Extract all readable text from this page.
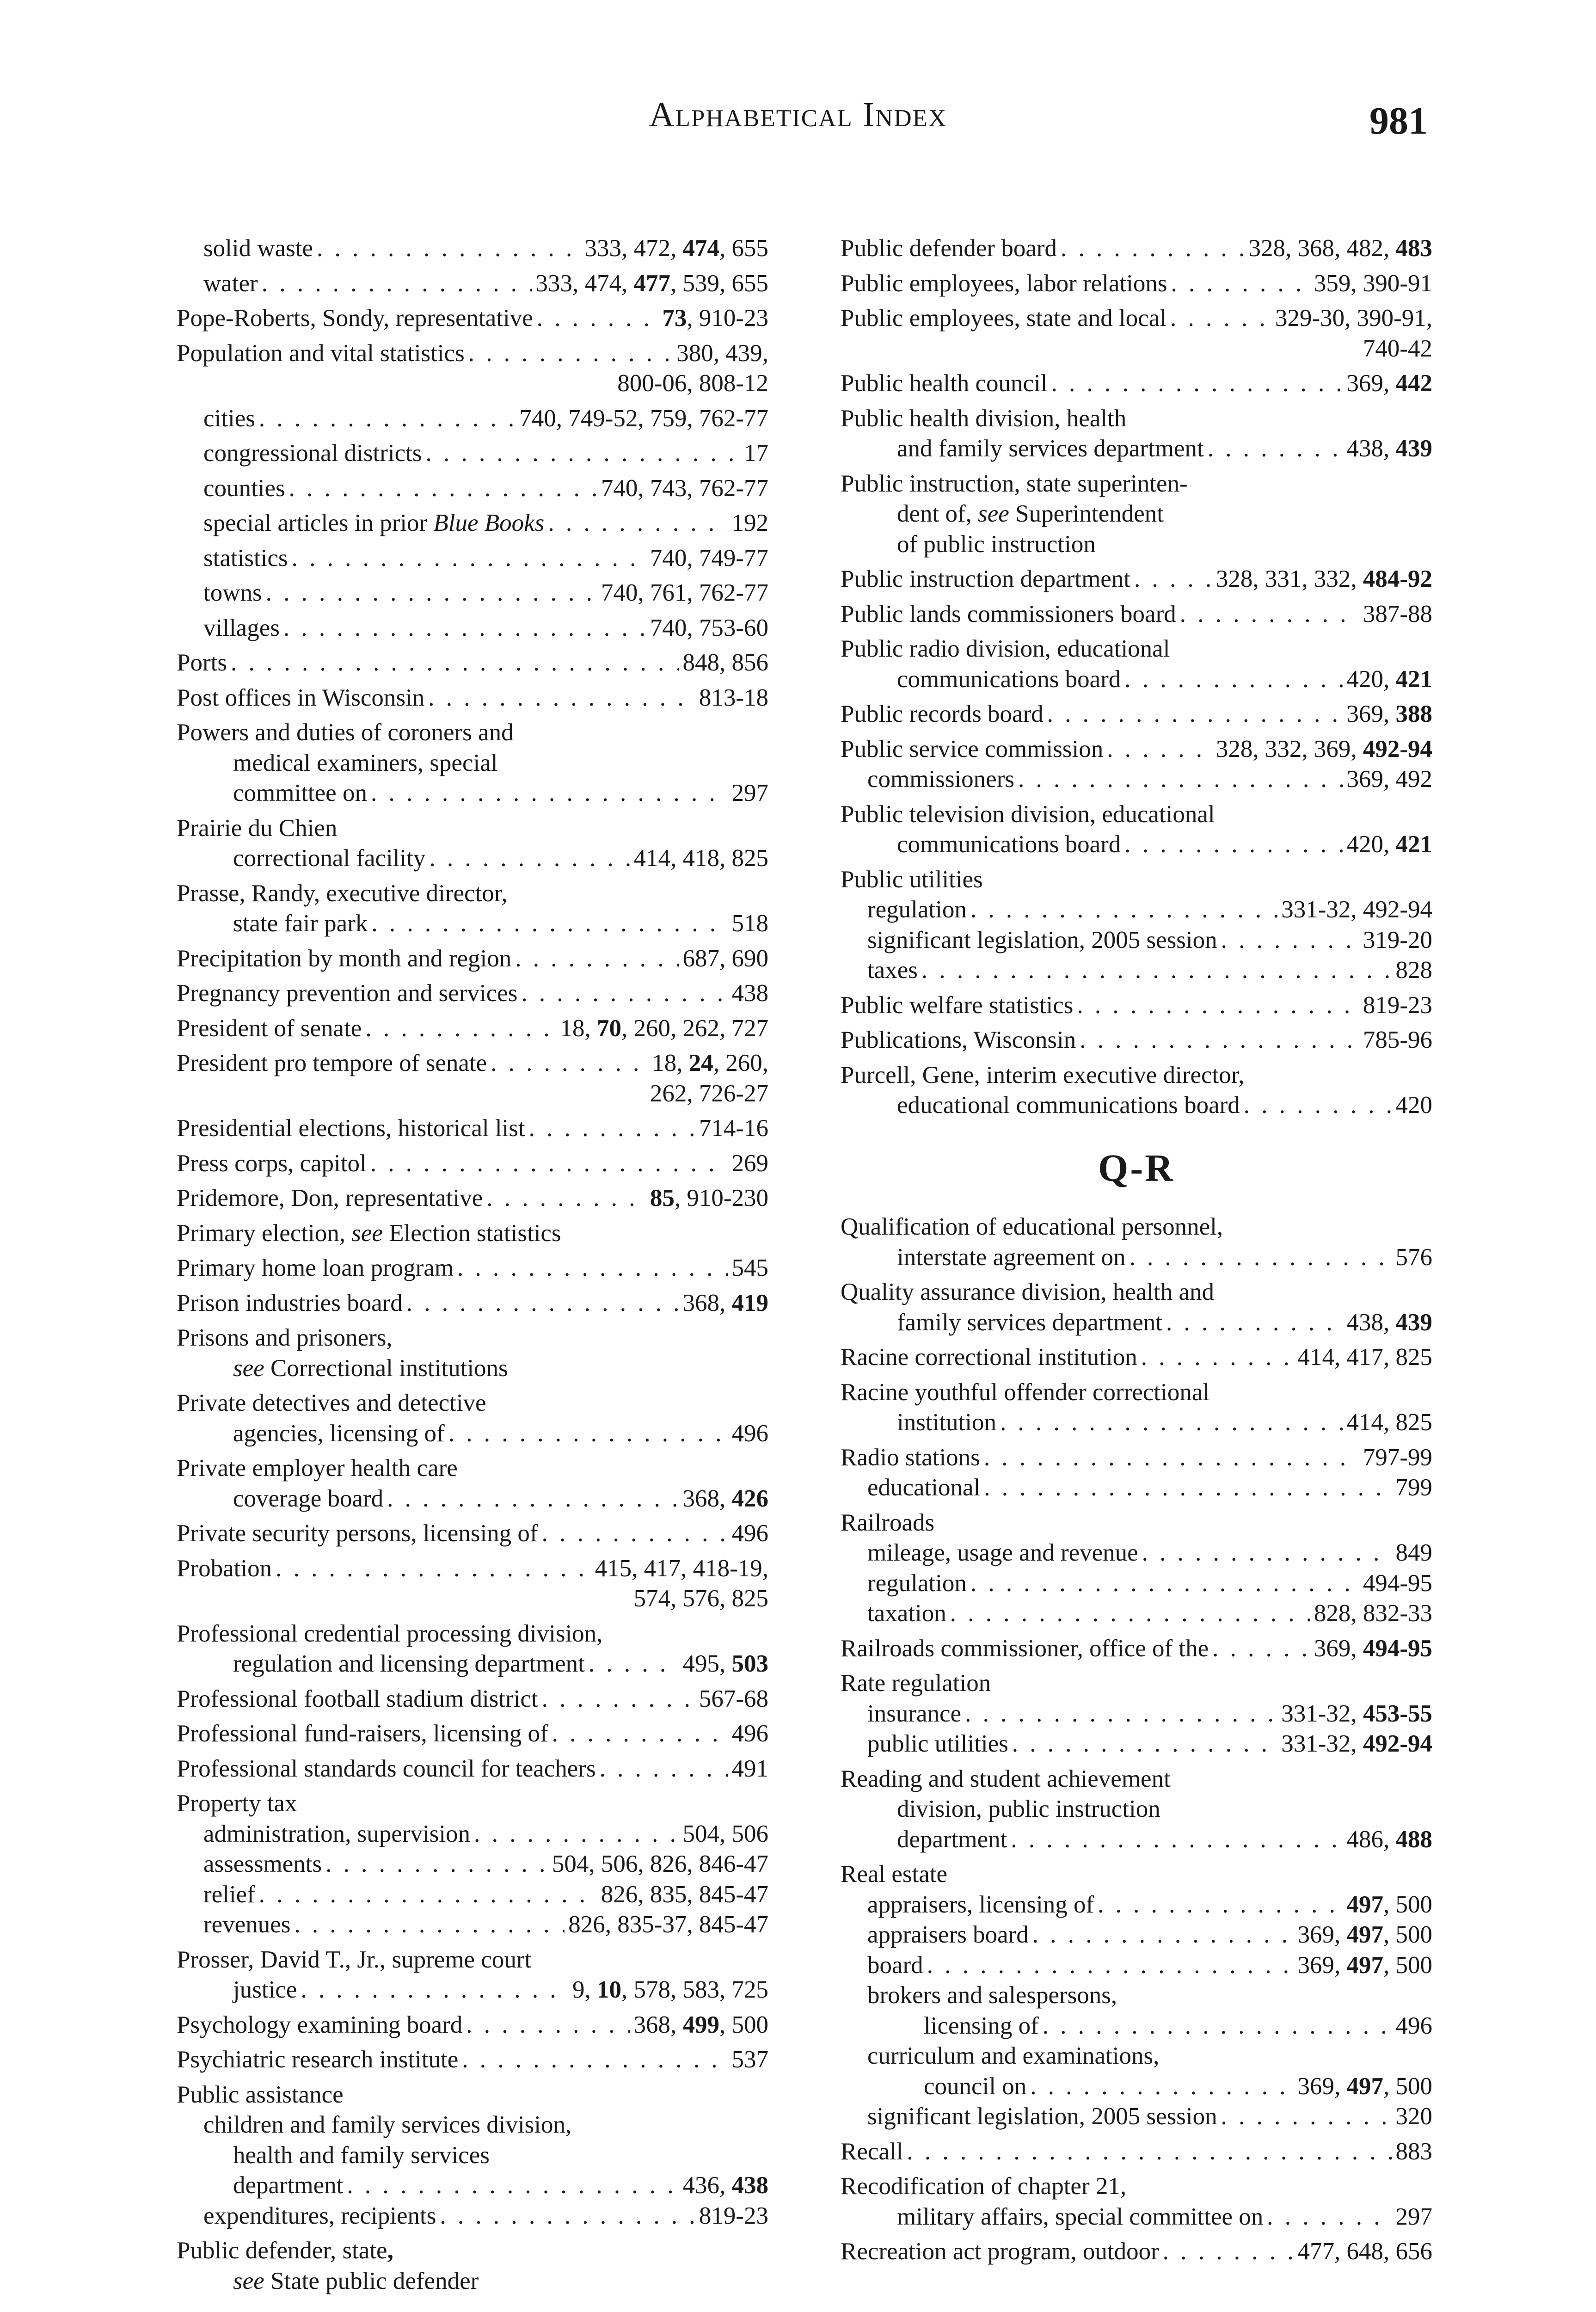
Alphabetical Index	981
solid waste . . .	333, 472, 474, 655
water . . .	333, 474, 477, 539, 655
Pope-Roberts, Sondy, representative . . .	73, 910-23
Population and vital statistics . . .	380, 439,
800-06, 808-12
cities . . .	740, 749-52, 759, 762-77
congressional districts . . .	17
counties . . .	740, 743, 762-77
special articles in prior Blue Books . . .	192
statistics . . .	740, 749-77
towns . . .	740, 761, 762-77
villages . . .	740, 753-60
Ports . . .	848, 856
Post offices in Wisconsin . . .	813-18
Powers and duties of coroners and
medical examiners, special
committee on . . .	297
Prairie du Chien
correctional facility . . .	414, 418, 825
Prasse, Randy, executive director,
state fair park . . .	518
Precipitation by month and region . . .	687, 690
Pregnancy prevention and services . . .	438
President of senate . . .	18, 70, 260, 262, 727
President pro tempore of senate . . .	18, 24, 260,
262, 726-27
Presidential elections, historical list . . .	714-16
Press corps, capitol . . .	269
Pridemore, Don, representative . . .	85, 910-230
Primary election, see Election statistics
Primary home loan program . . .	545
Prison industries board . . .	368, 419
Prisons and prisoners,
see Correctional institutions
Private detectives and detective
agencies, licensing of . . .	496
Private employer health care
coverage board . . .	368, 426
Private security persons, licensing of . . .	496
Probation . . .	415, 417, 418-19,
574, 576, 825
Professional credential processing division,
regulation and licensing department . . .	495, 503
Professional football stadium district . . .	567-68
Professional fund-raisers, licensing of . . .	496
Professional standards council for teachers . . .	491
Property tax
administration, supervision . . .	504, 506
assessments . . .	504, 506, 826, 846-47
relief . . .	826, 835, 845-47
revenues . . .	826, 835-37, 845-47
Prosser, David T., Jr., supreme court
justice . . .	9, 10, 578, 583, 725
Psychology examining board . . .	368, 499, 500
Psychiatric research institute . . .	537
Public assistance
children and family services division,
health and family services
department . . .	436, 438
expenditures, recipients . . .	819-23
Public defender, state,
see State public defender
Public defender board . . .	328, 368, 482, 483
Public employees, labor relations . . .	359, 390-91
Public employees, state and local . . .	329-30, 390-91,
740-42
Public health council . . .	369, 442
Public health division, health
and family services department . . .	438, 439
Public instruction, state superinten-
dent of, see Superintendent
of public instruction
Public instruction department . . .	328, 331, 332, 484-92
Public lands commissioners board . . .	387-88
Public radio division, educational
communications board . . .	420, 421
Public records board . . .	369, 388
Public service commission . . .	328, 332, 369, 492-94
commissioners . . .	369, 492
Public television division, educational
communications board . . .	420, 421
Public utilities
regulation . . .	331-32, 492-94
significant legislation, 2005 session . . .	319-20
taxes . . .	828
Public welfare statistics . . .	819-23
Publications, Wisconsin . . .	785-96
Purcell, Gene, interim executive director,
educational communications board . . .	420
Q-R
Qualification of educational personnel,
interstate agreement on . . .	576
Quality assurance division, health and
family services department . . .	438, 439
Racine correctional institution . . .	414, 417, 825
Racine youthful offender correctional
institution . . .	414, 825
Radio stations . . .	797-99
educational . . .	799
Railroads
mileage, usage and revenue . . .	849
regulation . . .	494-95
taxation . . .	828, 832-33
Railroads commissioner, office of the . . .	369, 494-95
Rate regulation
insurance . . .	331-32, 453-55
public utilities . . .	331-32, 492-94
Reading and student achievement
division, public instruction
department . . .	486, 488
Real estate
appraisers, licensing of . . .	497, 500
appraisers board . . .	369, 497, 500
board . . .	369, 497, 500
brokers and salespersons,
licensing of . . .	496
curriculum and examinations,
council on . . .	369, 497, 500
significant legislation, 2005 session . . .	320
Recall . . .	883
Recodification of chapter 21,
military affairs, special committee on . . .	297
Recreation act program, outdoor . . .	477, 648, 656
